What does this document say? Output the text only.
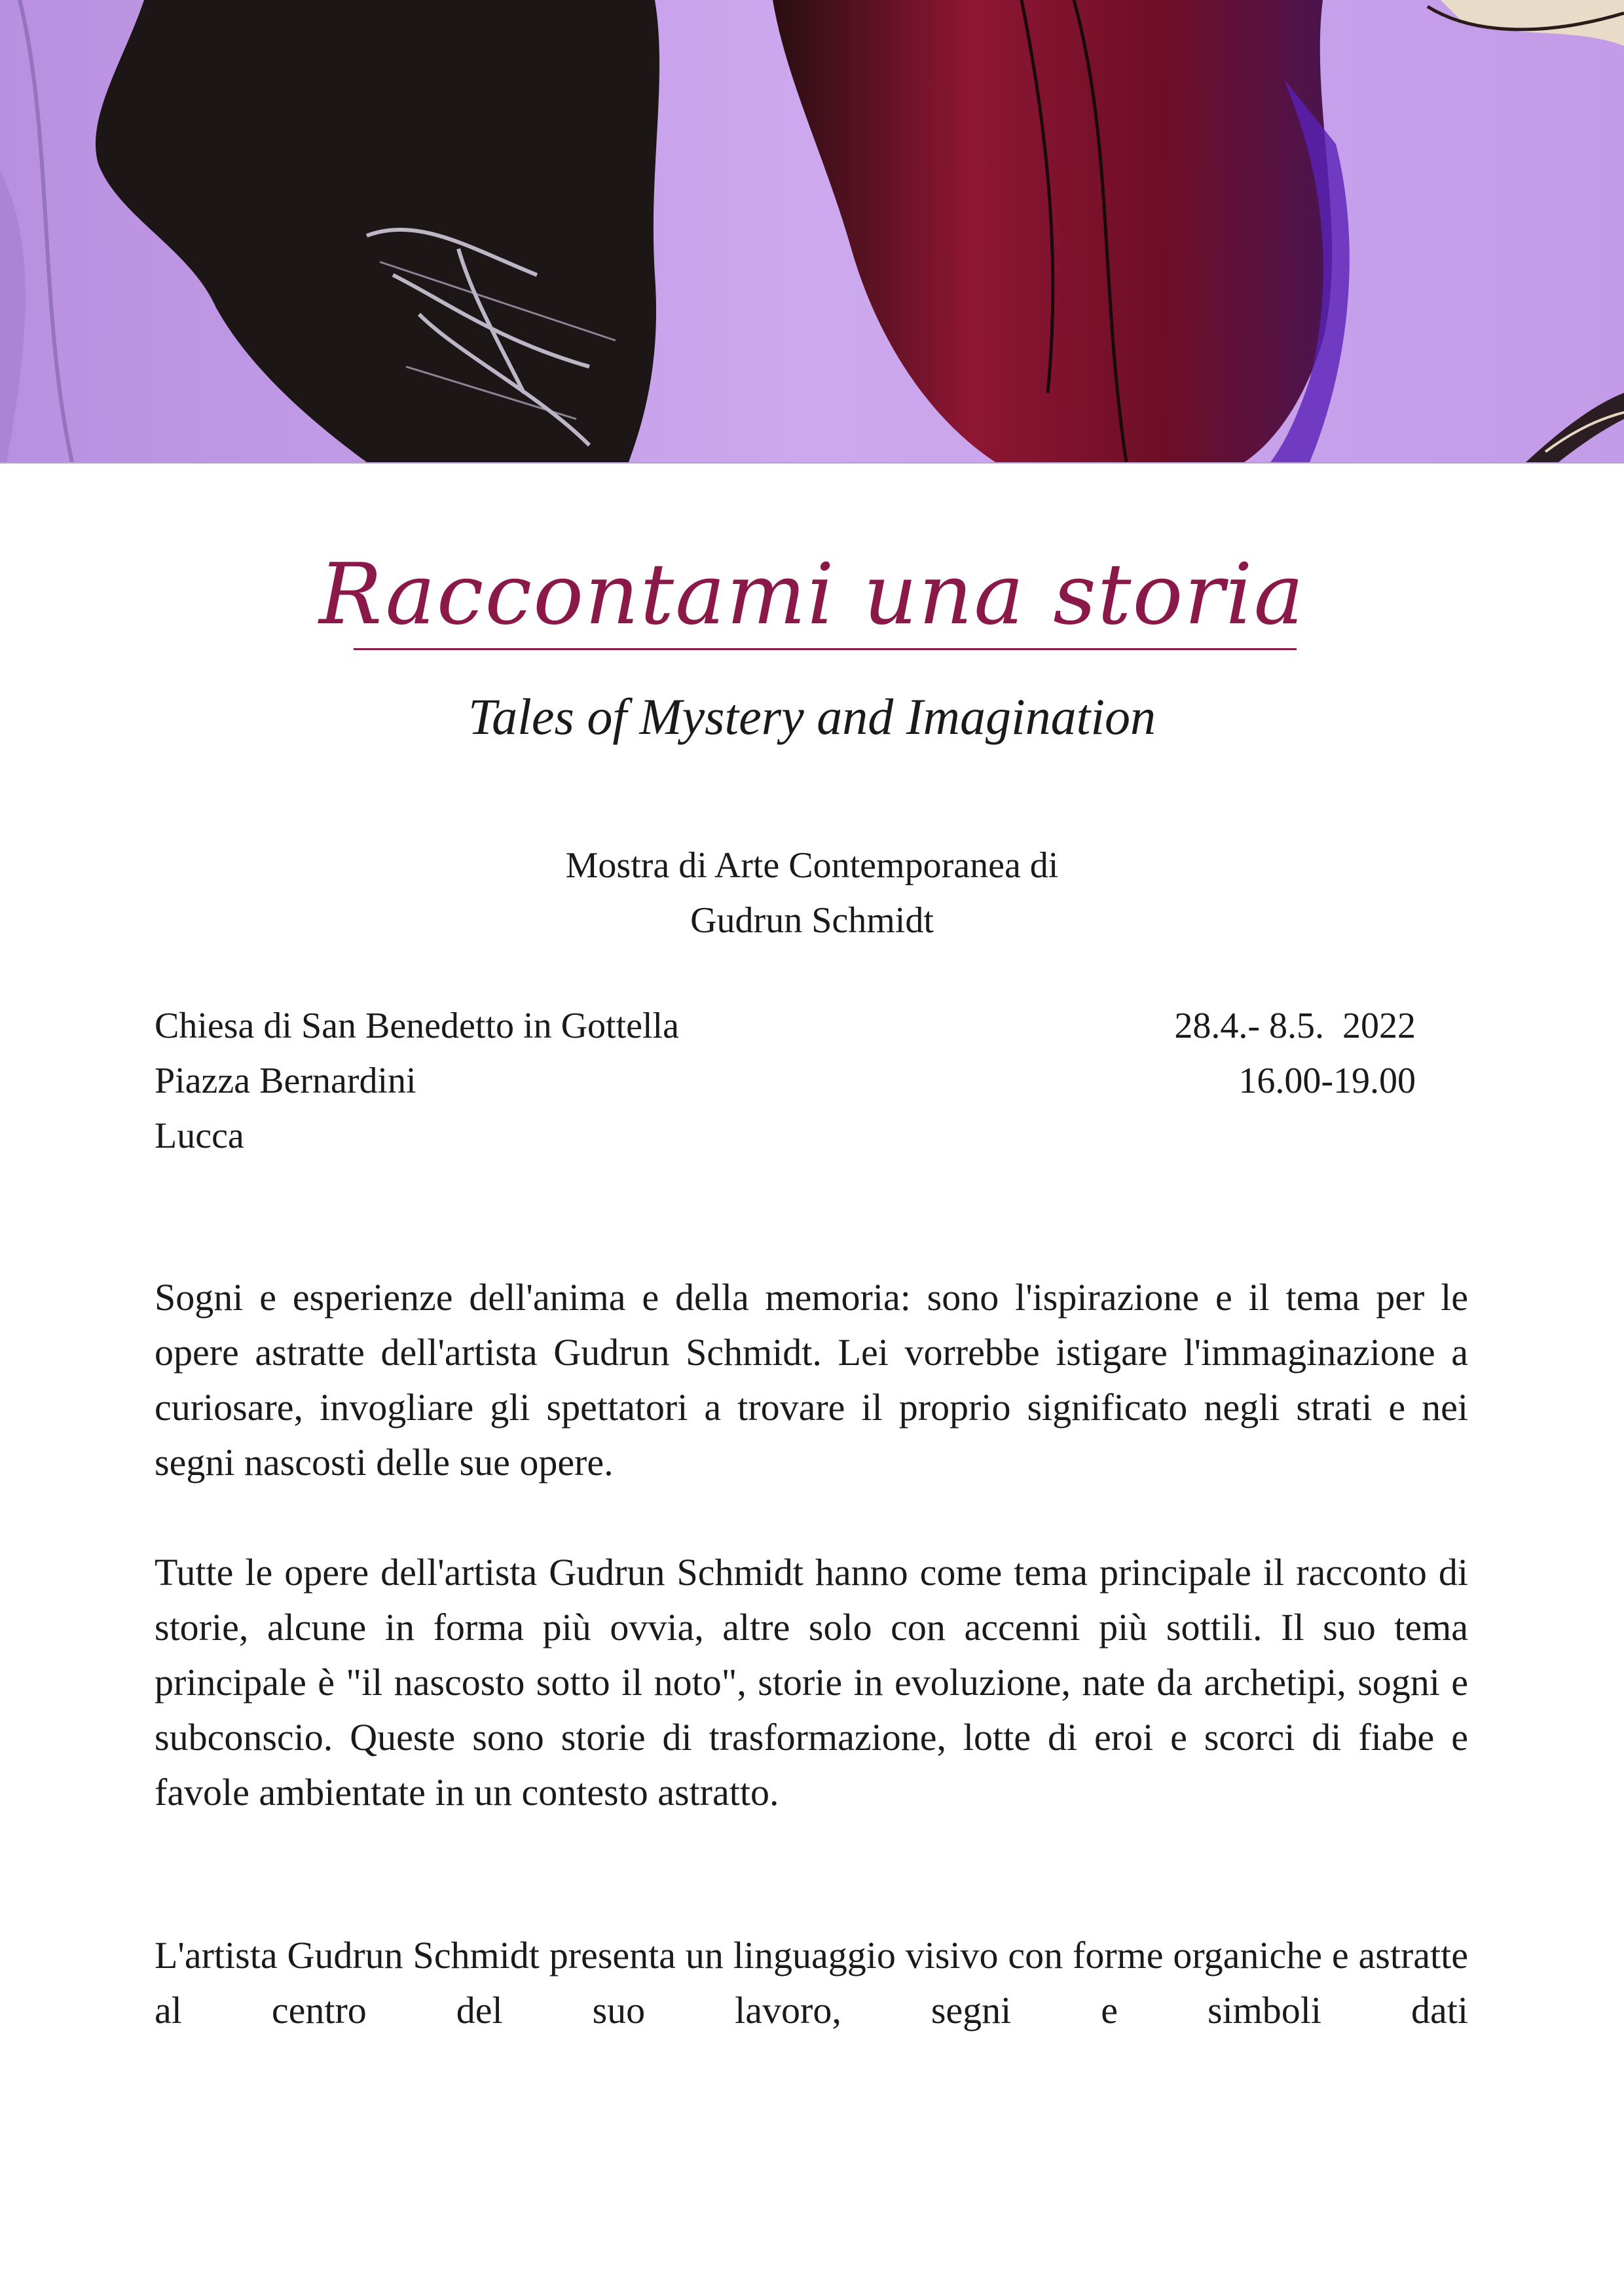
Raccontami una storia
Tales of Mystery and Imagination
Mostra di Arte Contemporanea di
Gudrun Schmidt
Chiesa di San Benedetto in Gottella
Piazza Bernardini
Lucca
28.4.- 8.5.  2022
16.00-19.00
Sogni e esperienze dell'anima e della memoria: sono l'ispirazione e il tema per le opere astratte dell'artista Gudrun Schmidt. Lei vorrebbe istigare l'immaginazione a curiosare, invogliare gli spettatori a trovare il proprio significato negli strati e nei segni nascosti delle sue opere.
Tutte le opere dell'artista Gudrun Schmidt hanno come tema principale il racconto di storie, alcune in forma più ovvia, altre solo con accenni più sottili. Il suo tema principale è "il nascosto sotto il noto", storie in evoluzione, nate da archetipi, sogni e subconscio. Queste sono storie di trasformazione, lotte di eroi e scorci di fiabe e favole ambientate in un contesto astratto.
L'artista Gudrun Schmidt presenta un linguaggio visivo con forme organiche e astratte al centro del suo lavoro, segni e simboli dati
